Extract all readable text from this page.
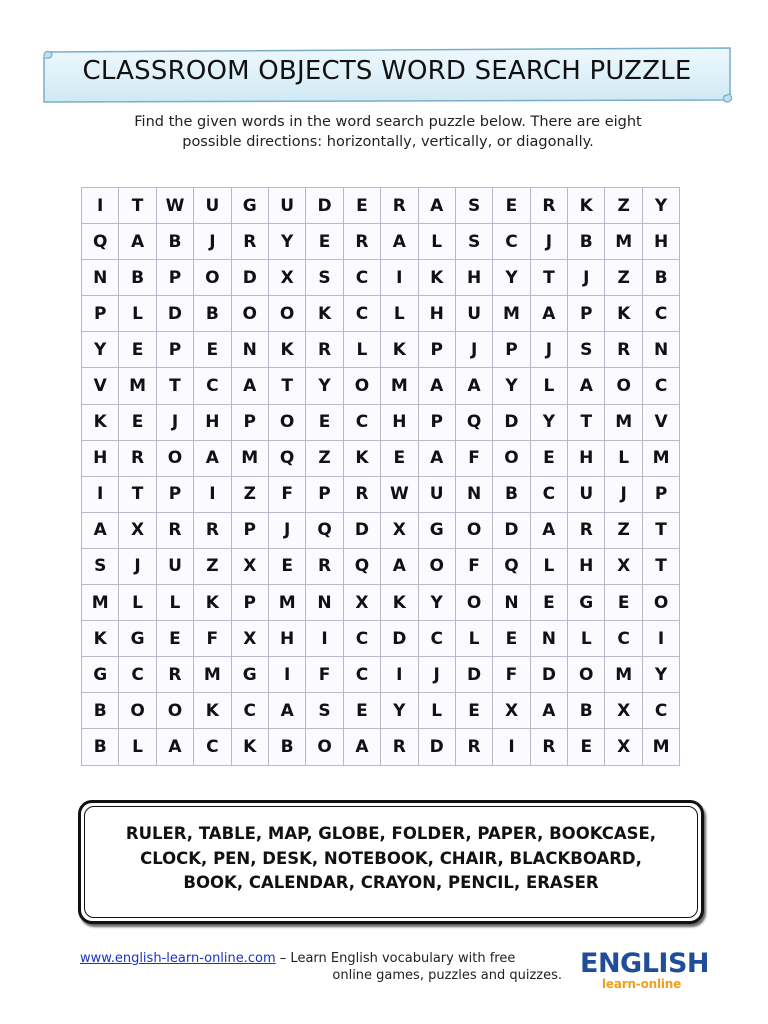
CLASSROOM OBJECTS WORD SEARCH PUZZLE
Find the given words in the word search puzzle below. There are eight
possible directions: horizontally, vertically, or diagonally.
I	T	W	U	G	U	D	E	R	A	S	E	R	K	Z	Y
Q	A	B	J	R	Y	E	R	A	L	S	C	J	B	M	H
N	B	P	O	D	X	S	C	I	K	H	Y	T	J	Z	B
P	L	D	B	O	O	K	C	L	H	U	M	A	P	K	C
Y	E	P	E	N	K	R	L	K	P	J	P	J	S	R	N
V	M	T	C	A	T	Y	O	M	A	A	Y	L	A	O	C
K	E	J	H	P	O	E	C	H	P	Q	D	Y	T	M	V
H	R	O	A	M	Q	Z	K	E	A	F	O	E	H	L	M
I	T	P	I	Z	F	P	R	W	U	N	B	C	U	J	P
A	X	R	R	P	J	Q	D	X	G	O	D	A	R	Z	T
S	J	U	Z	X	E	R	Q	A	O	F	Q	L	H	X	T
M	L	L	K	P	M	N	X	K	Y	O	N	E	G	E	O
K	G	E	F	X	H	I	C	D	C	L	E	N	L	C	I
G	C	R	M	G	I	F	C	I	J	D	F	D	O	M	Y
B	O	O	K	C	A	S	E	Y	L	E	X	A	B	X	C
B	L	A	C	K	B	O	A	R	D	R	I	R	E	X	M
RULER, TABLE, MAP, GLOBE, FOLDER, PAPER, BOOKCASE,
CLOCK, PEN, DESK, NOTEBOOK, CHAIR, BLACKBOARD,
BOOK, CALENDAR, CRAYON, PENCIL, ERASER
www.english-learn-online.com – Learn English vocabulary with free
online games, puzzles and quizzes. ENGLISH
learn-online
